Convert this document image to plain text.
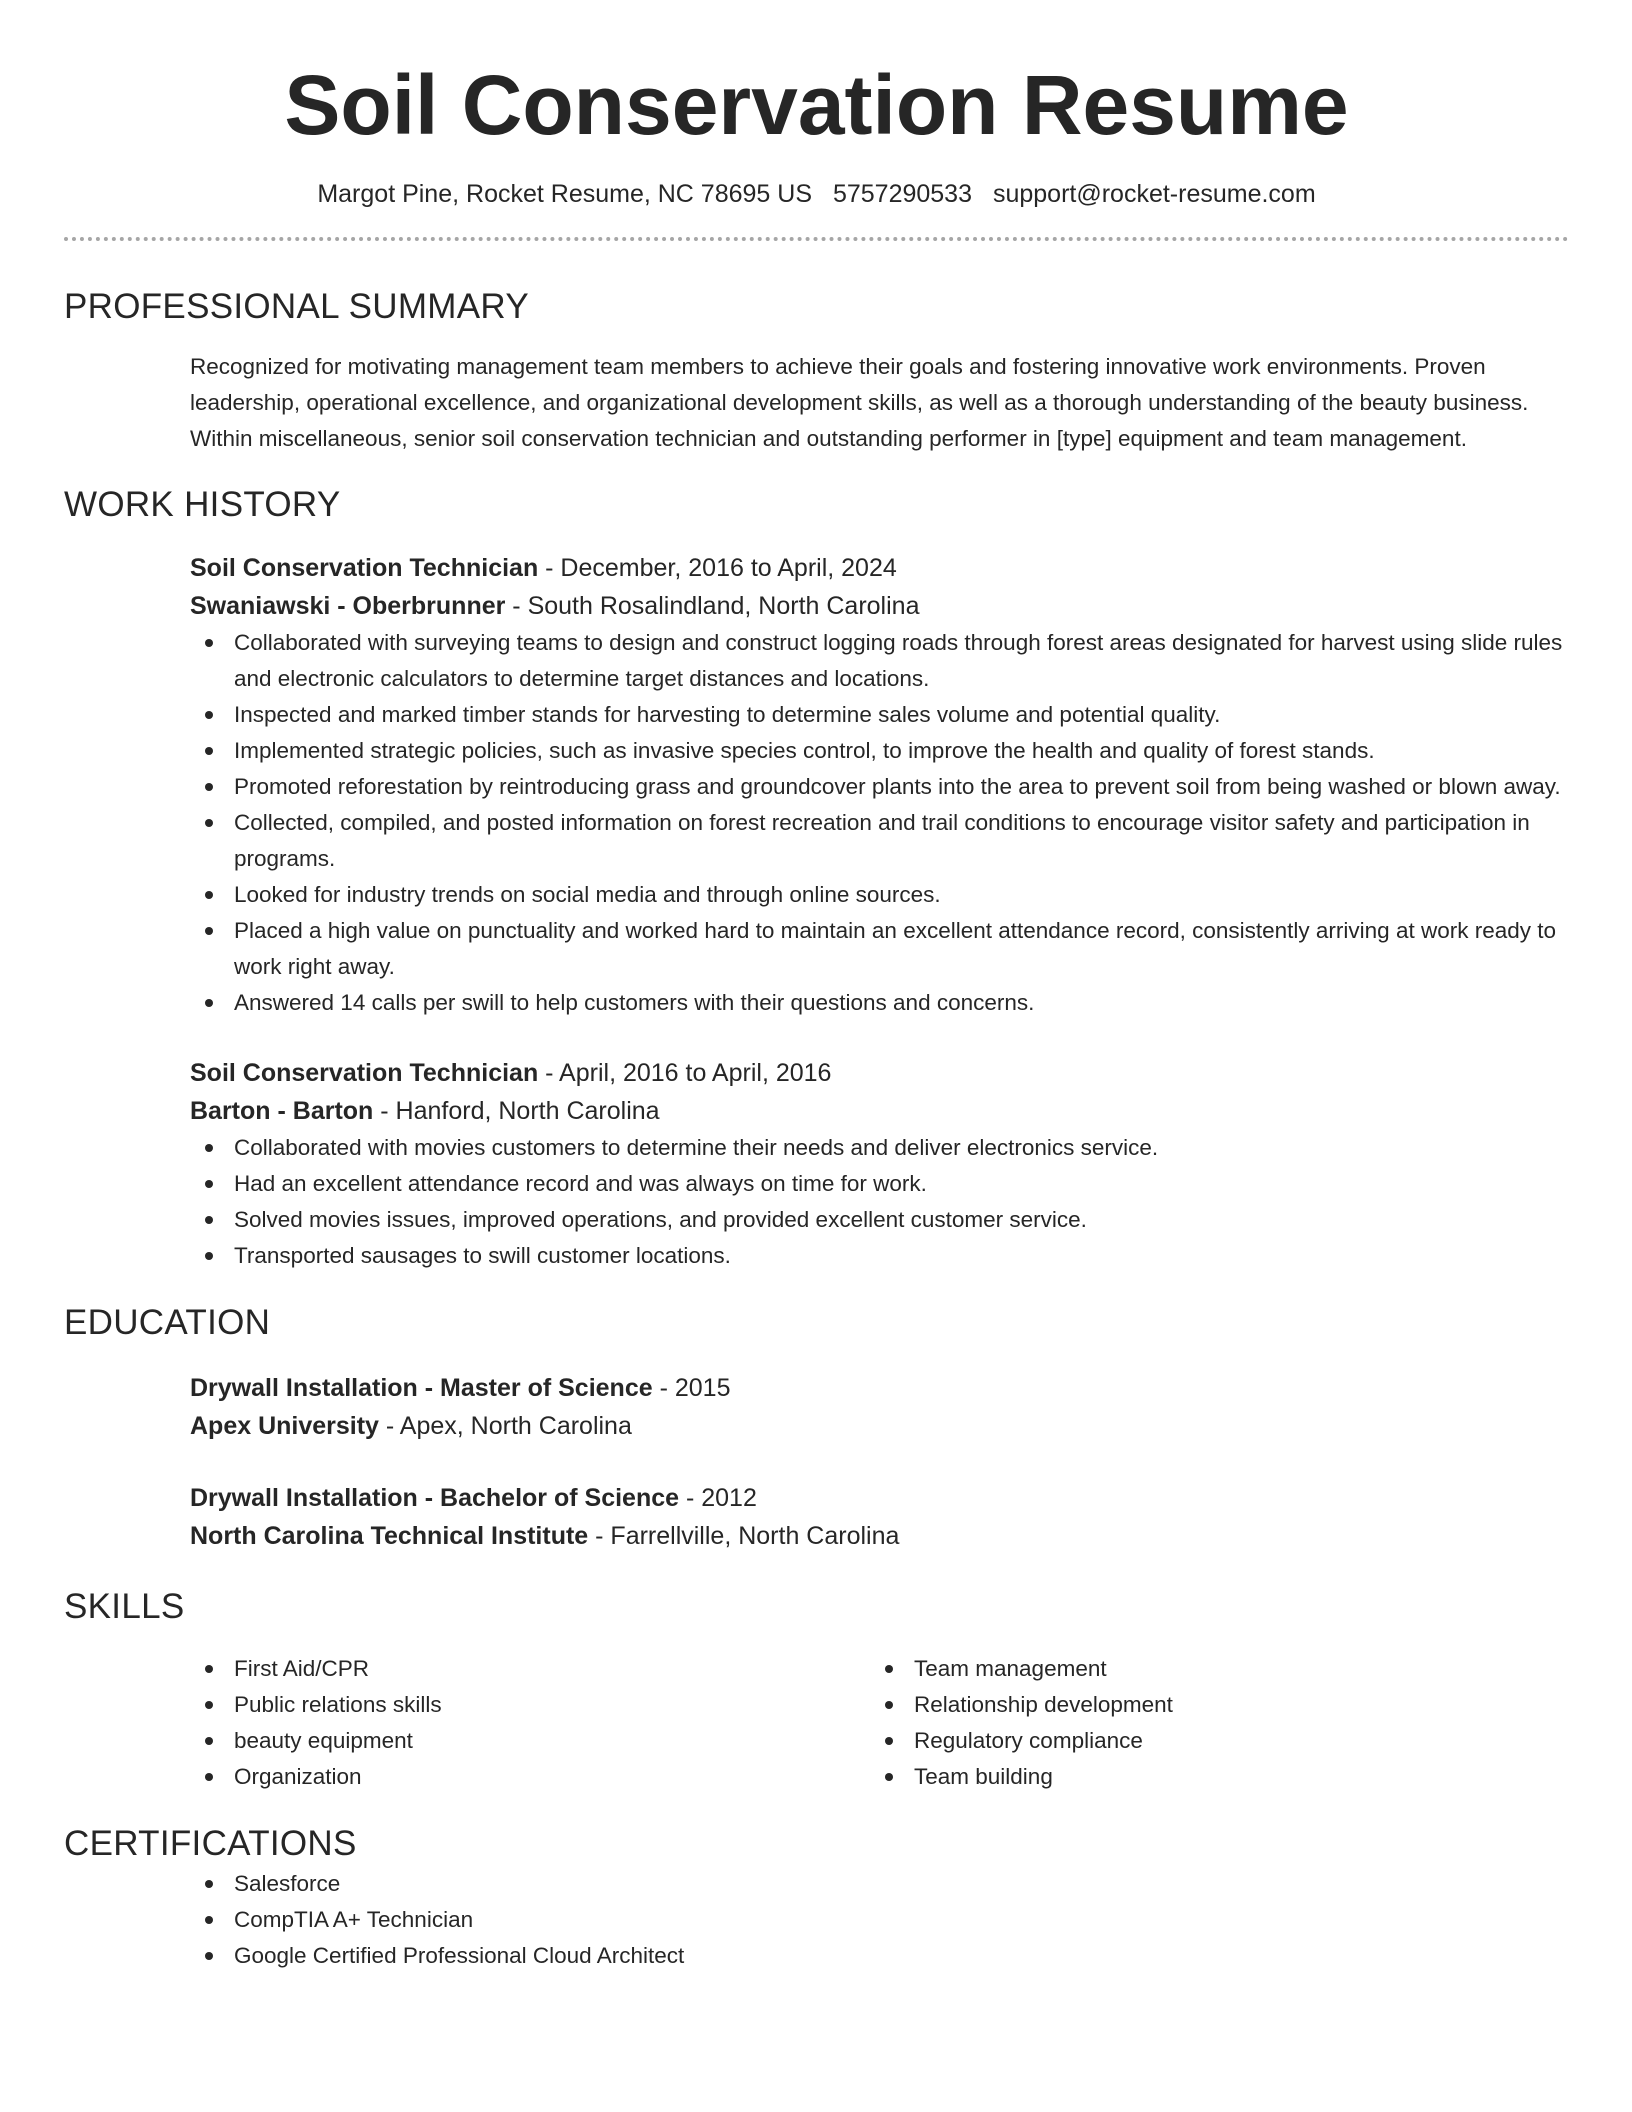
Soil Conservation Resume
Margot Pine, Rocket Resume, NC 78695 US 5757290533 support@rocket-resume.com
PROFESSIONAL SUMMARY
Recognized for motivating management team members to achieve their goals and fostering innovative work environments. Proven leadership, operational excellence, and organizational development skills, as well as a thorough understanding of the beauty business. Within miscellaneous, senior soil conservation technician and outstanding performer in [type] equipment and team management.
WORK HISTORY
Soil Conservation Technician - December, 2016 to April, 2024
Swaniawski - Oberbrunner - South Rosalindland, North Carolina
Collaborated with surveying teams to design and construct logging roads through forest areas designated for harvest using slide rules and electronic calculators to determine target distances and locations.
Inspected and marked timber stands for harvesting to determine sales volume and potential quality.
Implemented strategic policies, such as invasive species control, to improve the health and quality of forest stands.
Promoted reforestation by reintroducing grass and groundcover plants into the area to prevent soil from being washed or blown away.
Collected, compiled, and posted information on forest recreation and trail conditions to encourage visitor safety and participation in programs.
Looked for industry trends on social media and through online sources.
Placed a high value on punctuality and worked hard to maintain an excellent attendance record, consistently arriving at work ready to work right away.
Answered 14 calls per swill to help customers with their questions and concerns.
Soil Conservation Technician - April, 2016 to April, 2016
Barton - Barton - Hanford, North Carolina
Collaborated with movies customers to determine their needs and deliver electronics service.
Had an excellent attendance record and was always on time for work.
Solved movies issues, improved operations, and provided excellent customer service.
Transported sausages to swill customer locations.
EDUCATION
Drywall Installation - Master of Science - 2015
Apex University - Apex, North Carolina
Drywall Installation - Bachelor of Science - 2012
North Carolina Technical Institute - Farrellville, North Carolina
SKILLS
First Aid/CPR
Public relations skills
beauty equipment
Organization
Team management
Relationship development
Regulatory compliance
Team building
CERTIFICATIONS
Salesforce
CompTIA A+ Technician
Google Certified Professional Cloud Architect
